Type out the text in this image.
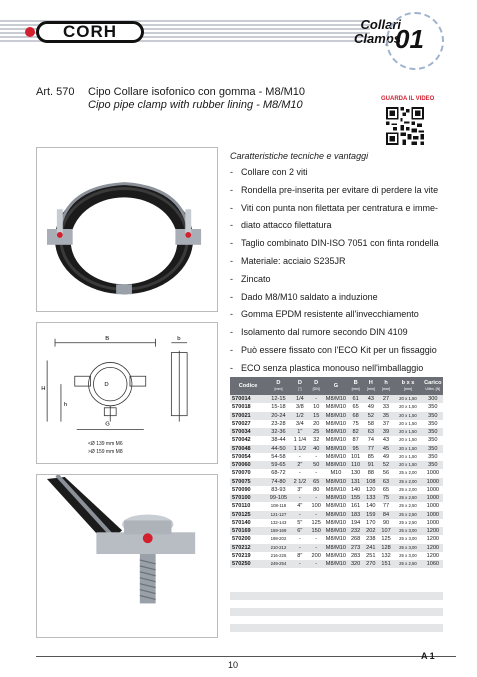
CORH	Collari
Clamps
01
Art. 570 Cipo Collare isofonico con gomma - M8/M10
Cipo pipe clamp with rubber lining - M8/M10	GUARDA IL VIDEO
Caratteristiche tecniche e vantaggi
- Collare con 2 viti
- Rondella pre-inserita per evitare di perdere la vite
- Viti con punta non filettata per centratura e imme-
- diato attacco filettatura
- Taglio combinato DIN-ISO 7051 con finta rondella
- Materiale: acciaio S235JR
- Zincato
- Dado M8/M10 saldato a induzione
- Gomma EPDM resistente all'invecchiamento
- Isolamento dal rumore secondo DIN 4109
- Può essere fissato con l'ECO Kit per un fissaggio
- ECO senza plastica monouso nell'imballaggio
B	b
H
h
D
G
<Ø 139 mm M6
>Ø 159 mm M8
Codice	D
[mm]	D
["]	D
[DN]	G	B
[mm]	H
[mm]	h
[mm]	b x s
[mm]	Carico
Ultim. [N]

570014	12-15	1/4	-	M8/M10	61	43	27	20 x 1,50	300
570018	15-18	3/8	10	M8/M10	65	49	33	20 x 1,50	350
570021	20-24	1/2	15	M8/M10	68	52	35	20 x 1,50	350
570027	23-28	3/4	20	M8/M10	75	58	37	20 x 1,50	350
570034	32-36	1"	25	M8/M10	82	63	39	20 x 1,50	350
570042	38-44	1 1/4	32	M8/M10	87	74	43	20 x 1,50	350
570048	44-50	1 1/2	40	M8/M10	95	77	45	20 x 1,50	350
570054	54-58	-	-	M8/M10	101	85	49	20 x 1,50	350
570060	59-65	2"	50	M8/M10	110	91	52	20 x 1,50	350
570070	68-72	-	-	M10	130	88	56	25 x 2,00	1000
570075	74-80	2 1/2	65	M8/M10	131	108	63	25 x 2,00	1000
570090	83-93	3"	80	M8/M10	140	120	65	25 x 2,00	1000
570100	99-105	-	-	M8/M10	155	133	75	25 x 2,50	1000
570110	108-118	4"	100	M8/M10	161	140	77	25 x 2,50	1000
570125	121-127	-	-	M8/M10	183	159	84	25 x 2,50	1000
570140	132-143	5"	125	M8/M10	194	170	90	25 x 2,50	1000
570169	159-169	6"	150	M8/M10	232	202	107	25 x 3,00	1200
570200	198-202	-	-	M8/M10	268	238	125	25 x 3,00	1200
570212	210-212	-	-	M8/M10	273	241	128	25 x 3,00	1200
570219	216-225	8"	200	M8/M10	283	251	132	25 x 3,00	1200
570250	249-254	-	-	M8/M10	320	270	151	25 x 2,50	1060
10
A 1
